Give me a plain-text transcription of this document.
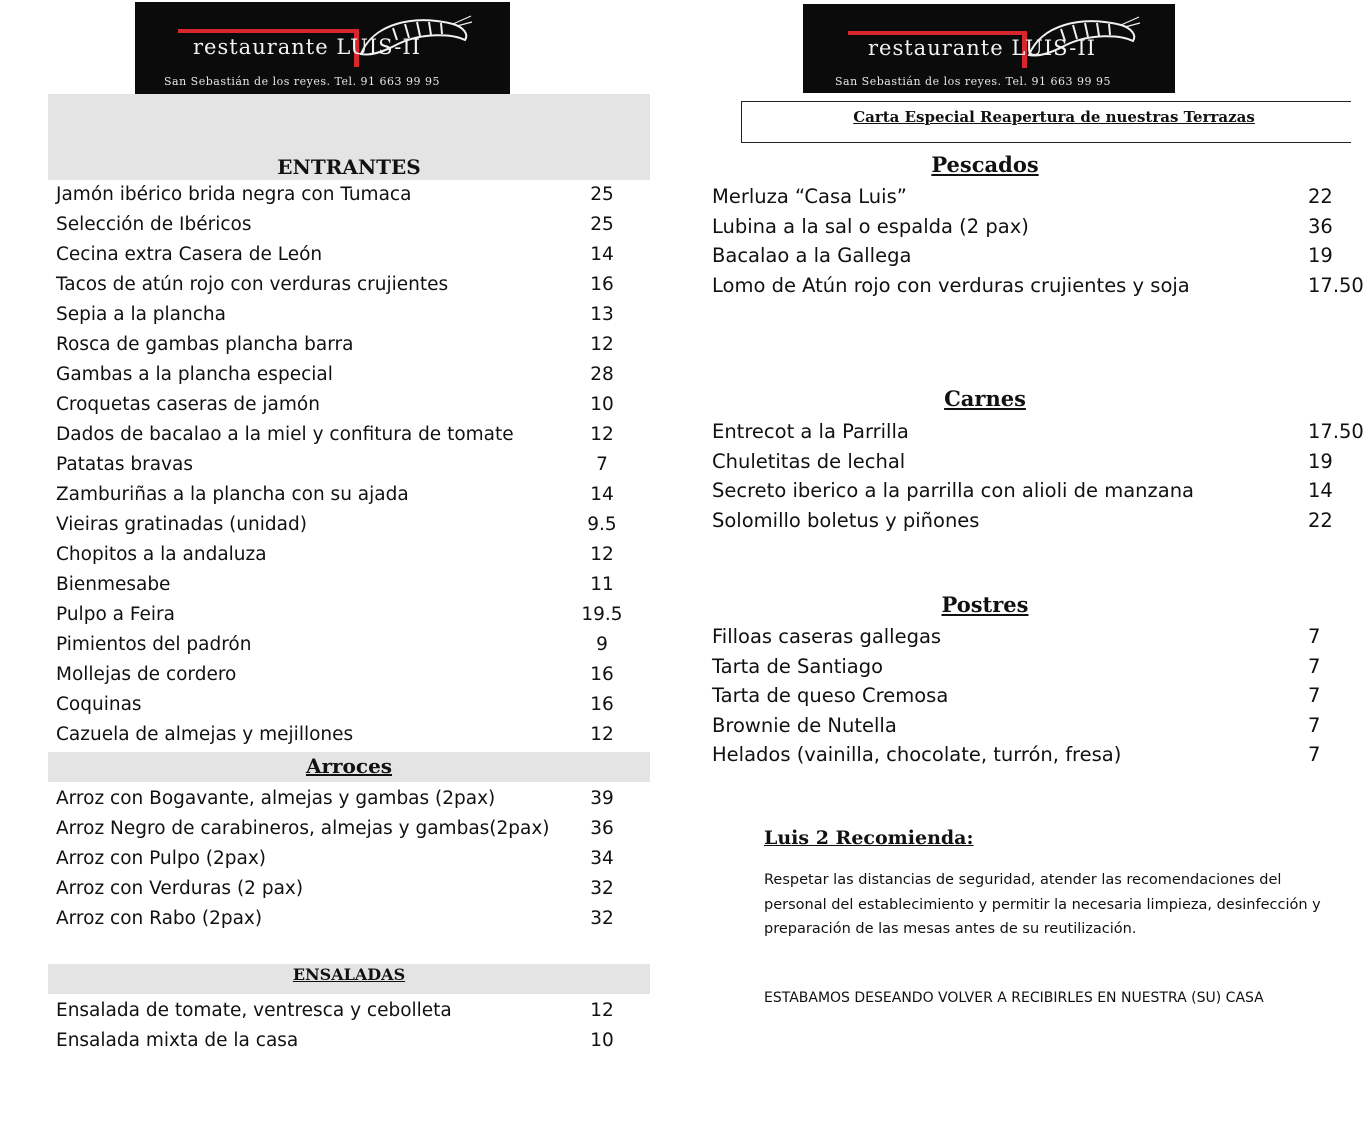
restaurante LUIS-II
San Sebastián de los reyes. Tel. 91 663 99 95
restaurante LUIS-II
San Sebastián de los reyes. Tel. 91 663 99 95
ENTRANTES
Jamón ibérico brida negra con Tumaca	25
Selección de Ibéricos	25
Cecina extra Casera de León	14
Tacos de atún rojo con verduras crujientes	16
Sepia a la plancha	13
Rosca de gambas plancha barra	12
Gambas a la plancha especial	28
Croquetas caseras de jamón	10
Dados de bacalao a la miel y confitura de tomate	12
Patatas bravas	7
Zamburiñas a la plancha con su ajada	14
Vieiras gratinadas (unidad)	9.5
Chopitos a la andaluza	12
Bienmesabe	11
Pulpo a Feira	19.5
Pimientos del padrón	9
Mollejas de cordero	16
Coquinas	16
Cazuela de almejas y mejillones	12
Arroces
Arroz con Bogavante, almejas y gambas (2pax)	39
Arroz Negro de carabineros, almejas y gambas(2pax)	36
Arroz con Pulpo (2pax)	34
Arroz con Verduras (2 pax)	32
Arroz con Rabo (2pax)	32
ENSALADAS
Ensalada de tomate, ventresca y cebolleta	12
Ensalada mixta de la casa	10
Carta Especial Reapertura de nuestras Terrazas
Pescados
Merluza “Casa Luis”	22
Lubina a la sal o espalda (2 pax)	36
Bacalao a la Gallega	19
Lomo de Atún rojo con verduras crujientes y soja	17.50
Carnes
Entrecot a la Parrilla	17.50
Chuletitas de lechal	19
Secreto iberico a la parrilla con alioli de manzana	14
Solomillo boletus y piñones	22
Postres
Filloas caseras gallegas	7
Tarta de Santiago	7
Tarta de queso Cremosa	7
Brownie de Nutella	7
Helados (vainilla, chocolate, turrón, fresa)	7
Luis 2 Recomienda:
Respetar las distancias de seguridad, atender las recomendaciones del personal del establecimiento y permitir la necesaria limpieza, desinfección y preparación de las mesas antes de su reutilización.
ESTABAMOS DESEANDO VOLVER A RECIBIRLES EN NUESTRA (SU) CASA
